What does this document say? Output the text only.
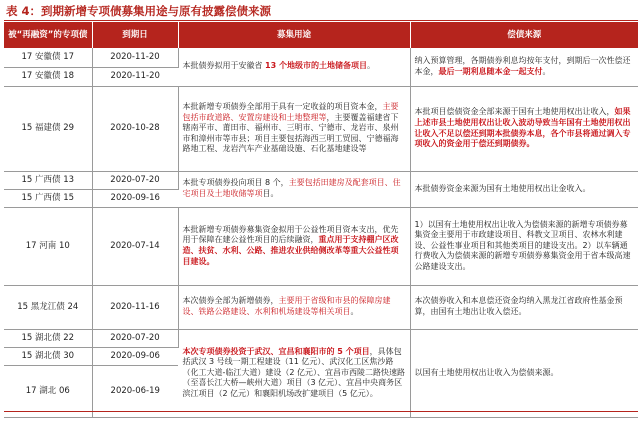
表 4：到期新增专项债募集用途与原有披露偿债来源
被“再融资”的专项债	到期日	募集用途	偿债来源
17 安徽债 17	2020-11-20	本批债券拟用于安徽省 13 个地级市的土地储备项目。	纳入预算管理，各期债券利息均按年支付，到期后一次性偿还本金，最后一期利息随本金一起支付。
17 安徽债 18	2020-11-20		
15 福建债 29	2020-10-28	本批新增专项债券全部用于具有一定收益的项目资本金，主要包括市政道路、安置房建设和土地整理等，主要覆盖福建省下辖南平市、莆田市、福州市、三明市、宁德市、龙岩市、泉州市和漳州市等市县；项目主要包括海西三明工贸园、宁德福海路地工程、龙岩汽车产业基础设施、石化基地建设等	本批项目偿债资金全部来源于国有土地使用权出让收入，如果上述市县土地使用权出让收入波动导致当年国有土地使用权出让收入不足以偿还到期本批债券本息，各个市县将通过调入专项收入的资金用于偿还到期债券。
15 广西债 13	2020-07-20	本批专项债券投向项目 8 个，主要包括田建房及配套项目、住宅项目及土地收储等项目。	本批债券资金来源为国有土地使用权出让金收入。
15 广西债 15	2020-09-16		
17 河南 10	2020-07-14	本批新增专项债券募集资金拟用于公益性项目资本支出，优先用于保障在建公益性项目的后续融资，重点用于支持棚户区改造、扶贫、水利、公路、推进农业供给侧改革等重大公益性项目建设。	1）以国有土地使用权出让收入为偿债来源的新增专项债券募集资金主要用于市政建设项目、科教文卫项目、农林水利建设、公益性事业项目和其他类项目的建设支出。2）以车辆通行费收入为偿债来源的新增专项债券募集资金用于省本级高速公路建设支出。
15 黑龙江债 24	2020-11-16	本次债券全部为新增债券，主要用于省级和市县的保障房建设、铁路公路建设、水利和机场建设等相关项目。	本次债券收入和本息偿还资金均纳入黑龙江省政府性基金预算，由国有土地出让收入偿还。
15 湖北债 22	2020-07-20	本次专项债券投资于武汉、宜昌和襄阳市的 5 个项目，具体包括武汉 3 号线一期工程建设（11 亿元）、武汉化工区焦沙路（化工大道-临江大道）建设（2 亿元）、宜昌市西陵二路快速路（至喜长江大桥—峡州大道）项目（3 亿元）、宜昌中央商务区滨江项目（2 亿元）和襄阳机场改扩建项目（5 亿元）。	以国有土地使用权出让收入为偿债来源。
15 湖北债 30	2020-09-06		
17 湖北 06	2020-06-19		
